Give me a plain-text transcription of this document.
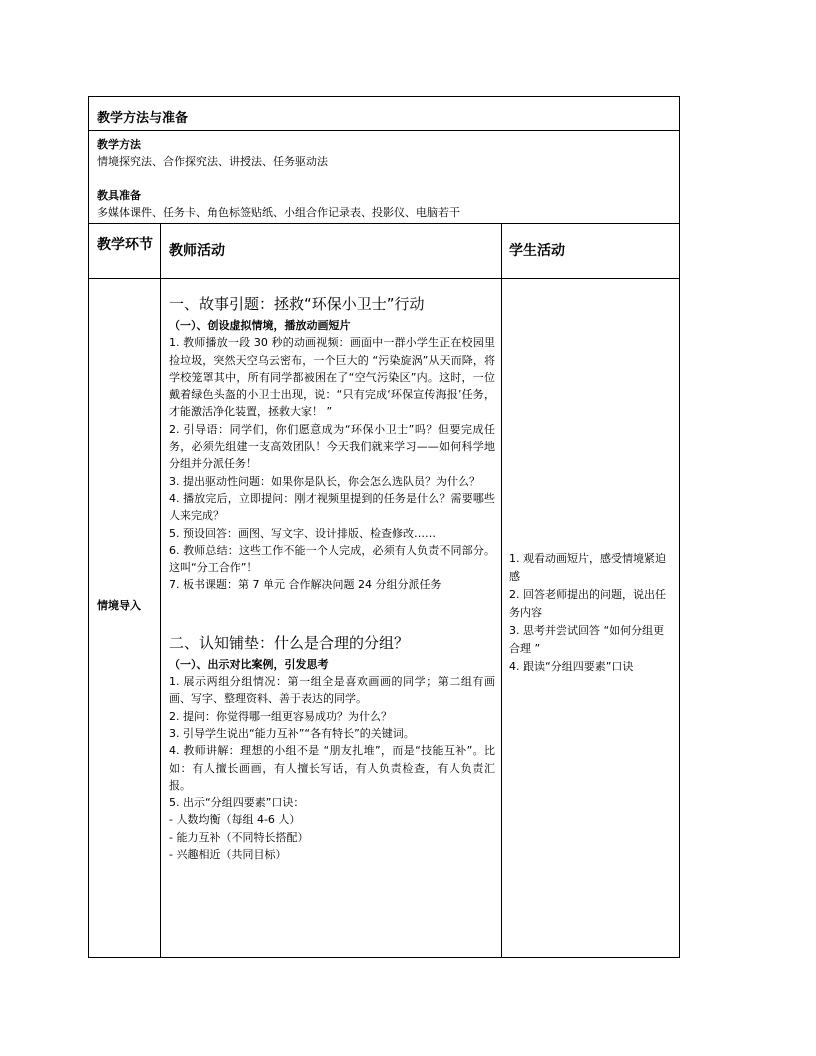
教学方法与准备
教学方法
情境探究法、合作探究法、讲授法、任务驱动法
教具准备
多媒体课件、任务卡、角色标签贴纸、小组合作记录表、投影仪、电脑若干
教学环节 教师活动	学生活动
情境导入
一、故事引题：拯救“环保小卫士”行动
（一）、创设虚拟情境，播放动画短片
1. 教师播放一段 30 秒的动画视频：画面中一群小学生正在校园里捡垃圾，突然天空乌云密布，一个巨大的 “污染旋涡”从天而降，将学校笼罩其中，所有同学都被困在了“空气污染区”内。这时，一位戴着绿色头盔的小卫士出现，说：“只有完成‘环保宣传海报’任务，才能激活净化装置，拯救大家！ ”
2. 引导语：同学们，你们愿意成为“环保小卫士”吗？但要完成任务，必须先组建一支高效团队！今天我们就来学习——如何科学地分组并分派任务！
3. 提出驱动性问题：如果你是队长，你会怎么选队员？为什么？
4. 播放完后，立即提问：刚才视频里提到的任务是什么？需要哪些人来完成？
5. 预设回答：画图、写文字、设计排版、检查修改……
6. 教师总结：这些工作不能一个人完成，必须有人负责不同部分。这叫“分工合作”！
7. 板书课题：第 7 单元 合作解决问题 24 分组分派任务
二、认知铺垫：什么是合理的分组？
（一）、出示对比案例，引发思考
1. 展示两组分组情况：第一组全是喜欢画画的同学；第二组有画画、写字、整理资料、善于表达的同学。
2. 提问：你觉得哪一组更容易成功？为什么？
3. 引导学生说出“能力互补”“各有特长”的关键词。
4. 教师讲解：理想的小组不是 “朋友扎堆”，而是“技能互补”。比如：有人擅长画画，有人擅长写话，有人负责检查，有人负责汇报。
5. 出示“分组四要素”口诀：
- 人数均衡（每组 4-6 人）
- 能力互补（不同特长搭配）
- 兴趣相近（共同目标）
1. 观看动画短片，感受情境紧迫感
2. 回答老师提出的问题，说出任务内容
3. 思考并尝试回答 “如何分组更合理 ”
4. 跟读“分组四要素”口诀
